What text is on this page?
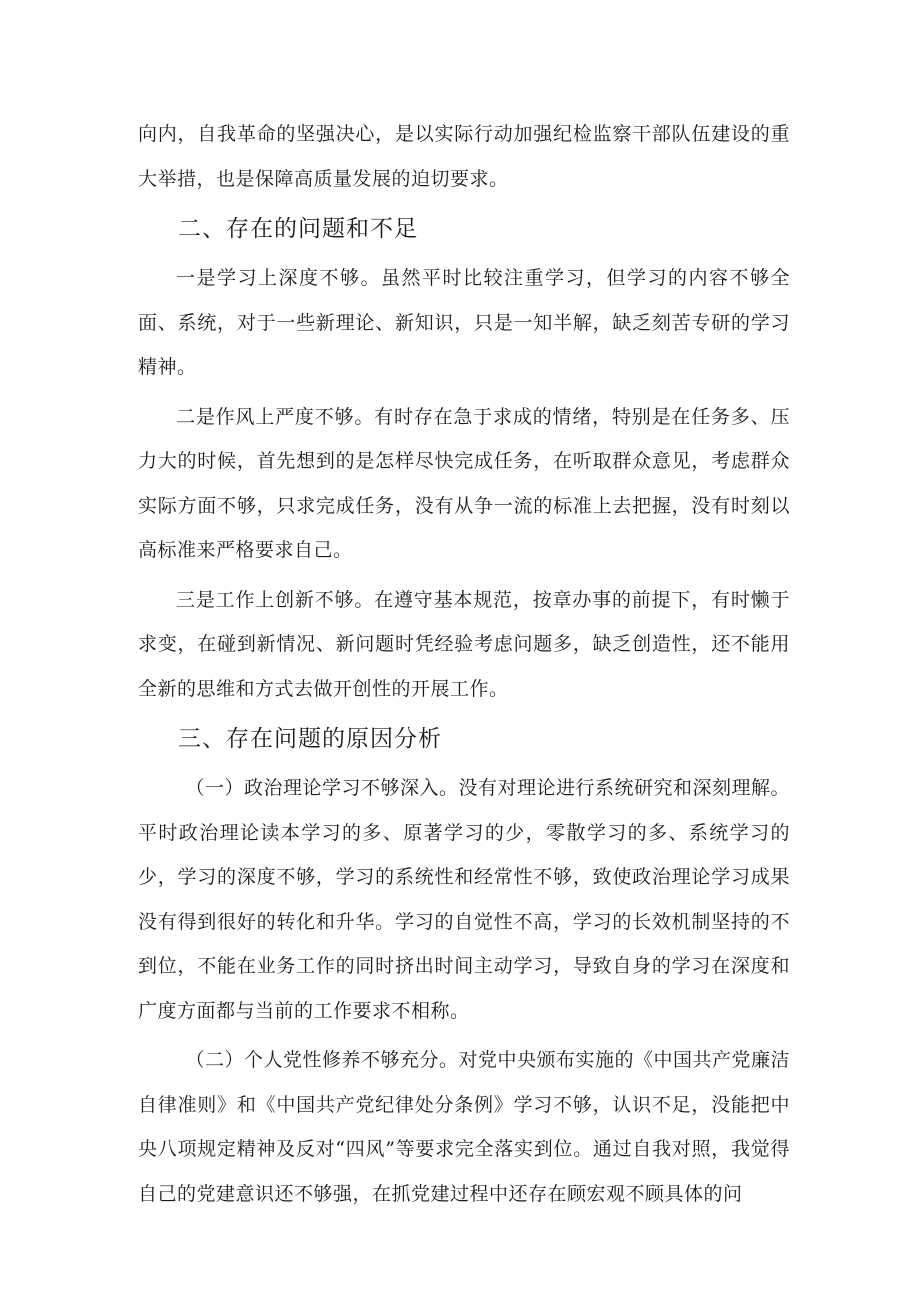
向内，自我革命的坚强决心，是以实际行动加强纪检监察干部队伍建设的重大举措，也是保障高质量发展的迫切要求。

二、存在的问题和不足

一是学习上深度不够。虽然平时比较注重学习，但学习的内容不够全面、系统，对于一些新理论、新知识，只是一知半解，缺乏刻苦专研的学习精神。

二是作风上严度不够。有时存在急于求成的情绪，特别是在任务多、压力大的时候，首先想到的是怎样尽快完成任务，在听取群众意见，考虑群众实际方面不够，只求完成任务，没有从争一流的标准上去把握，没有时刻以高标准来严格要求自己。

三是工作上创新不够。在遵守基本规范，按章办事的前提下，有时懒于求变，在碰到新情况、新问题时凭经验考虑问题多，缺乏创造性，还不能用全新的思维和方式去做开创性的开展工作。

三、存在问题的原因分析

（一）政治理论学习不够深入。没有对理论进行系统研究和深刻理解。平时政治理论读本学习的多、原著学习的少，零散学习的多、系统学习的少，学习的深度不够，学习的系统性和经常性不够，致使政治理论学习成果没有得到很好的转化和升华。学习的自觉性不高，学习的长效机制坚持的不到位，不能在业务工作的同时挤出时间主动学习，导致自身的学习在深度和广度方面都与当前的工作要求不相称。

（二）个人党性修养不够充分。对党中央颁布实施的《中国共产党廉洁自律准则》和《中国共产党纪律处分条例》学习不够，认识不足，没能把中央八项规定精神及反对“四风”等要求完全落实到位。通过自我对照，我觉得自己的党建意识还不够强，在抓党建过程中还存在顾宏观不顾具体的问
